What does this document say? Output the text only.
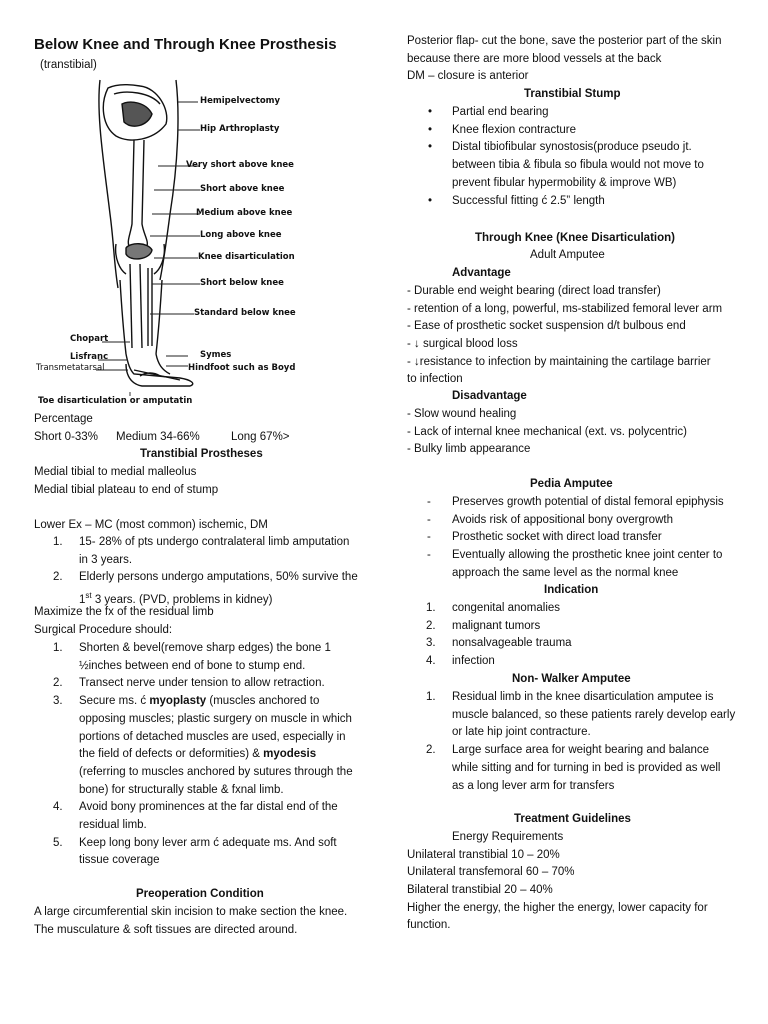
Below Knee and Through Knee Prosthesis
(transtibial)
Hemipelvectomy
Hip Arthroplasty
Very short above knee
Short above knee
Medium above knee
Long above knee
Knee disarticulation
Short below knee
Standard below knee
Chopart
Lisfranc
Transmetatarsal
Symes
Hindfoot such as Boyd
Toe disarticulation or amputatin
Percentage
Short 0-33% Medium 34-66%	Long 67%>
Transtibial Prostheses
Medial tibial to medial malleolus
Medial tibial plateau to end of stump
Lower Ex – MC (most common) ischemic, DM
1.	15- 28% of pts undergo contralateral limb amputation
in 3 years.
2.	Elderly persons undergo amputations, 50% survive the
1st 3 years. (PVD, problems in kidney)
Maximize the fx of the residual limb
Surgical Procedure should:
1.	Shorten & bevel(remove sharp edges) the bone 1
½inches between end of bone to stump end.
2.	Transect nerve under tension to allow retraction.
3.	Secure ms. ć myoplasty (muscles anchored to
opposing muscles; plastic surgery on muscle in which
portions of detached muscles are used, especially in
the field of defects or deformities) & myodesis
(referring to muscles anchored by sutures through the
bone) for structurally stable & fxnal limb.
4.	Avoid bony prominences at the far distal end of the
residual limb.
5.	Keep long bony lever arm ć adequate ms. And soft
tissue coverage
Preoperation Condition
A large circumferential skin incision to make section the knee.
The musculature & soft tissues are directed around.
Posterior flap- cut the bone, save the posterior part of the skin
because there are more blood vessels at the back
DM – closure is anterior
Transtibial Stump
•	Partial end bearing
•	Knee flexion contracture
•	Distal tibiofibular synostosis(produce pseudo jt.
between tibia & fibula so fibula would not move to
prevent fibular hypermobility & improve WB)
•	Successful fitting ć 2.5” length
Through Knee (Knee Disarticulation)
Adult Amputee
Advantage
- Durable end weight bearing (direct load transfer)
- retention of a long, powerful, ms-stabilized femoral lever arm
- Ease of prosthetic socket suspension d/t bulbous end
- ↓ surgical blood loss
- ↓resistance to infection by maintaining the cartilage barrier
to infection
Disadvantage
- Slow wound healing
- Lack of internal knee mechanical (ext. vs. polycentric)
- Bulky limb appearance
Pedia Amputee
-	Preserves growth potential of distal femoral epiphysis
-	Avoids risk of appositional bony overgrowth
-	Prosthetic socket with direct load transfer
-	Eventually allowing the prosthetic knee joint center to
approach the same level as the normal knee
Indication
1.	congenital anomalies
2.	malignant tumors
3.	nonsalvageable trauma
4.	infection
Non- Walker Amputee
1.	Residual limb in the knee disarticulation amputee is
muscle balanced, so these patients rarely develop early
or late hip joint contracture.
2.	Large surface area for weight bearing and balance
while sitting and for turning in bed is provided as well
as a long lever arm for transfers
Treatment Guidelines
Energy Requirements
Unilateral transtibial 10 – 20%
Unilateral transfemoral 60 – 70%
Bilateral transtibial 20 – 40%
Higher the energy, the higher the energy, lower capacity for
function.
